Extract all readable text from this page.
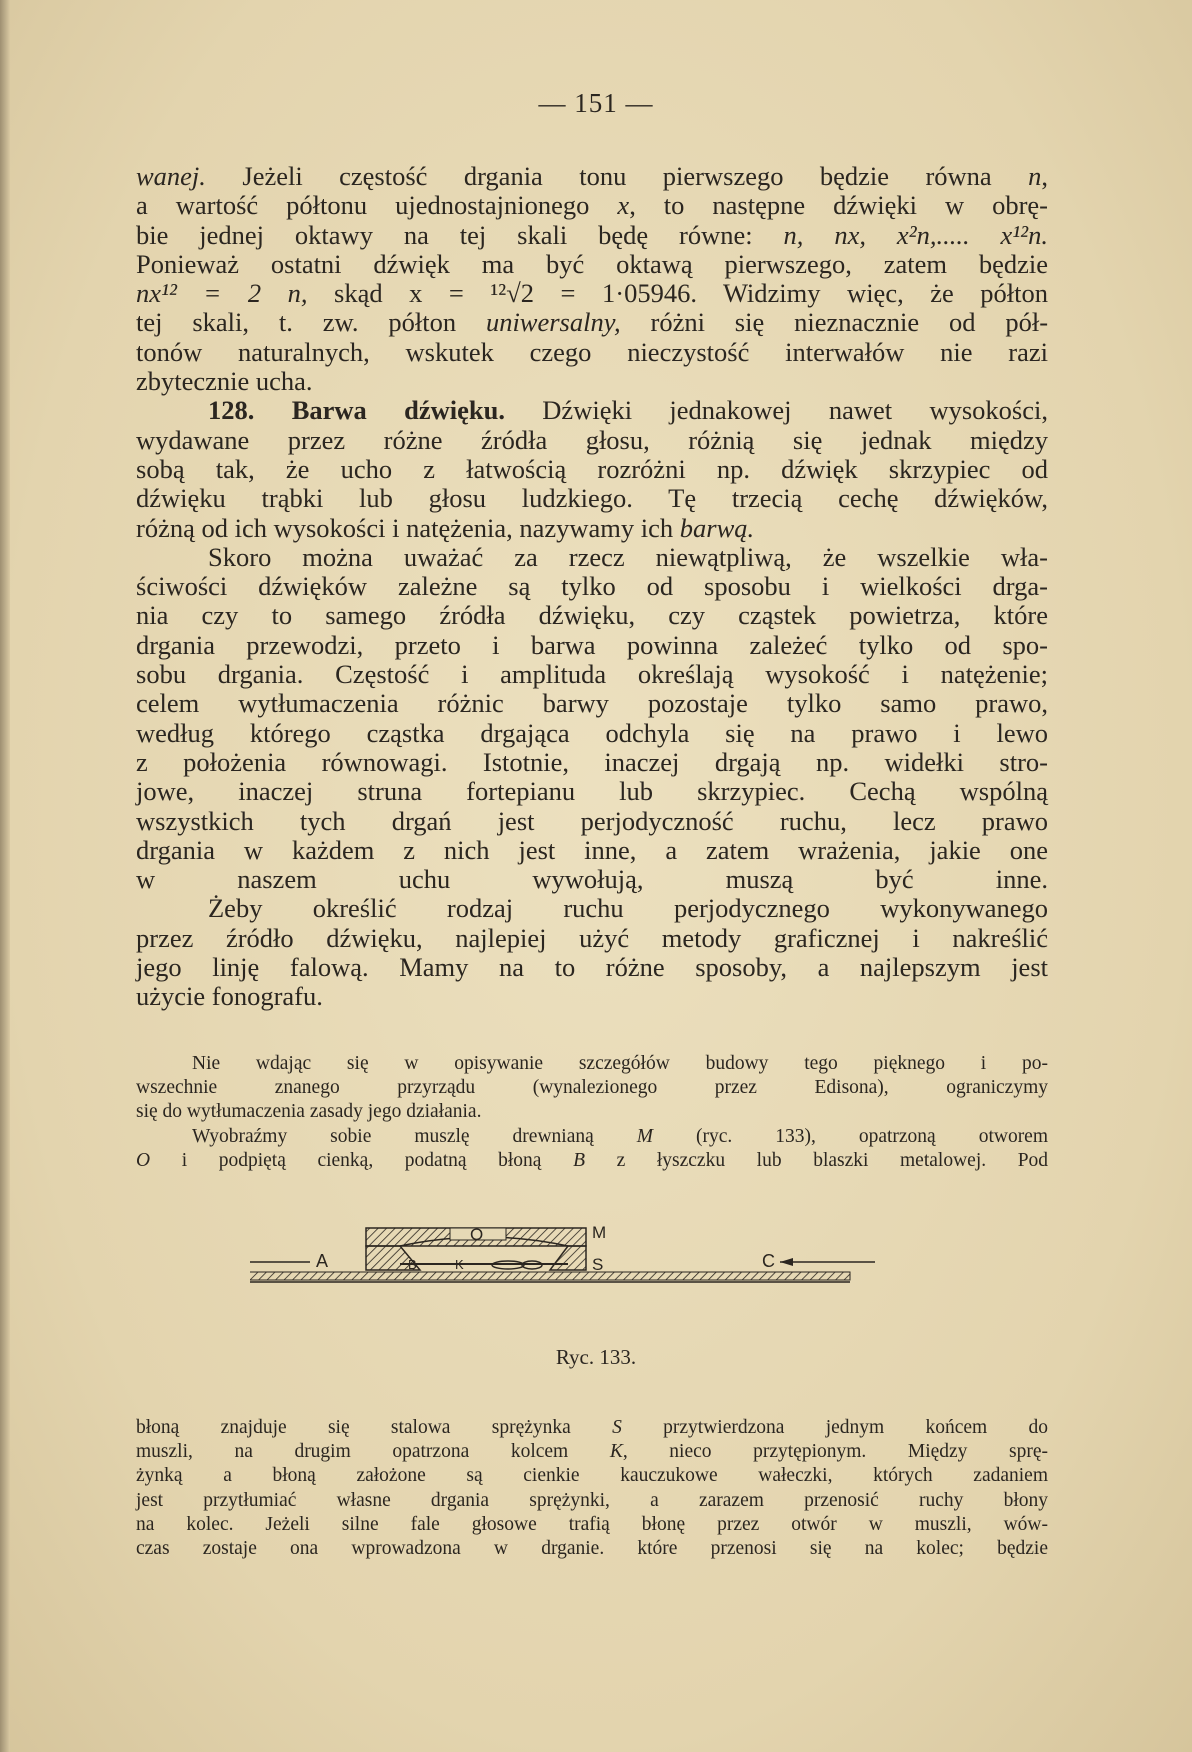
— 151 —
wanej. Jeżeli częstość drgania tonu pierwszego będzie równa n,
a wartość półtonu ujednostajnionego x, to następne dźwięki w obrę-
bie jednej oktawy na tej skali będę równe: n, nx, x²n,..... x¹²n.
Ponieważ ostatni dźwięk ma być oktawą pierwszego, zatem będzie
nx¹² = 2 n, skąd x = ¹²√2 = 1·05946. Widzimy więc, że półton
tej skali, t. zw. półton uniwersalny, różni się nieznacznie od pół-
tonów naturalnych, wskutek czego nieczystość interwałów nie razi
zbytecznie ucha.
128. Barwa dźwięku. Dźwięki jednakowej nawet wysokości,
wydawane przez różne źródła głosu, różnią się jednak między
sobą tak, że ucho z łatwością rozróżni np. dźwięk skrzypiec od
dźwięku trąbki lub głosu ludzkiego. Tę trzecią cechę dźwięków,
różną od ich wysokości i natężenia, nazywamy ich barwą.
Skoro można uważać za rzecz niewątpliwą, że wszelkie wła-
ściwości dźwięków zależne są tylko od sposobu i wielkości drga-
nia czy to samego źródła dźwięku, czy cząstek powietrza, które
drgania przewodzi, przeto i barwa powinna zależeć tylko od spo-
sobu drgania. Częstość i amplituda określają wysokość i natężenie;
celem wytłumaczenia różnic barwy pozostaje tylko samo prawo,
według którego cząstka drgająca odchyla się na prawo i lewo
z położenia równowagi. Istotnie, inaczej drgają np. widełki stro-
jowe, inaczej struna fortepianu lub skrzypiec. Cechą wspólną
wszystkich tych drgań jest perjodyczność ruchu, lecz prawo
drgania w każdem z nich jest inne, a zatem wrażenia, jakie one
w naszem uchu wywołują, muszą być inne.
Żeby określić rodzaj ruchu perjodycznego wykonywanego
przez źródło dźwięku, najlepiej użyć metody graficznej i nakreślić
jego linję falową. Mamy na to różne sposoby, a najlepszym jest
użycie fonografu.
Nie wdając się w opisywanie szczegółów budowy tego pięknego i po-
wszechnie znanego przyrządu (wynalezionego przez Edisona), ograniczymy
się do wytłumaczenia zasady jego działania.
Wyobraźmy sobie muszlę drewnianą M (ryc. 133), opatrzoną otworem
O i podpiętą cienką, podatną błoną B z łyszczku lub blaszki metalowej. Pod
O	M
A	B	K	S	C
Ryc. 133.
błoną znajduje się stalowa sprężynka S przytwierdzona jednym końcem do
muszli, na drugim opatrzona kolcem K, nieco przytępionym. Między sprę-
żynką a błoną założone są cienkie kauczukowe wałeczki, których zadaniem
jest przytłumiać własne drgania sprężynki, a zarazem przenosić ruchy błony
na kolec. Jeżeli silne fale głosowe trafią błonę przez otwór w muszli, wów-
czas zostaje ona wprowadzona w drganie. które przenosi się na kolec; będzie
